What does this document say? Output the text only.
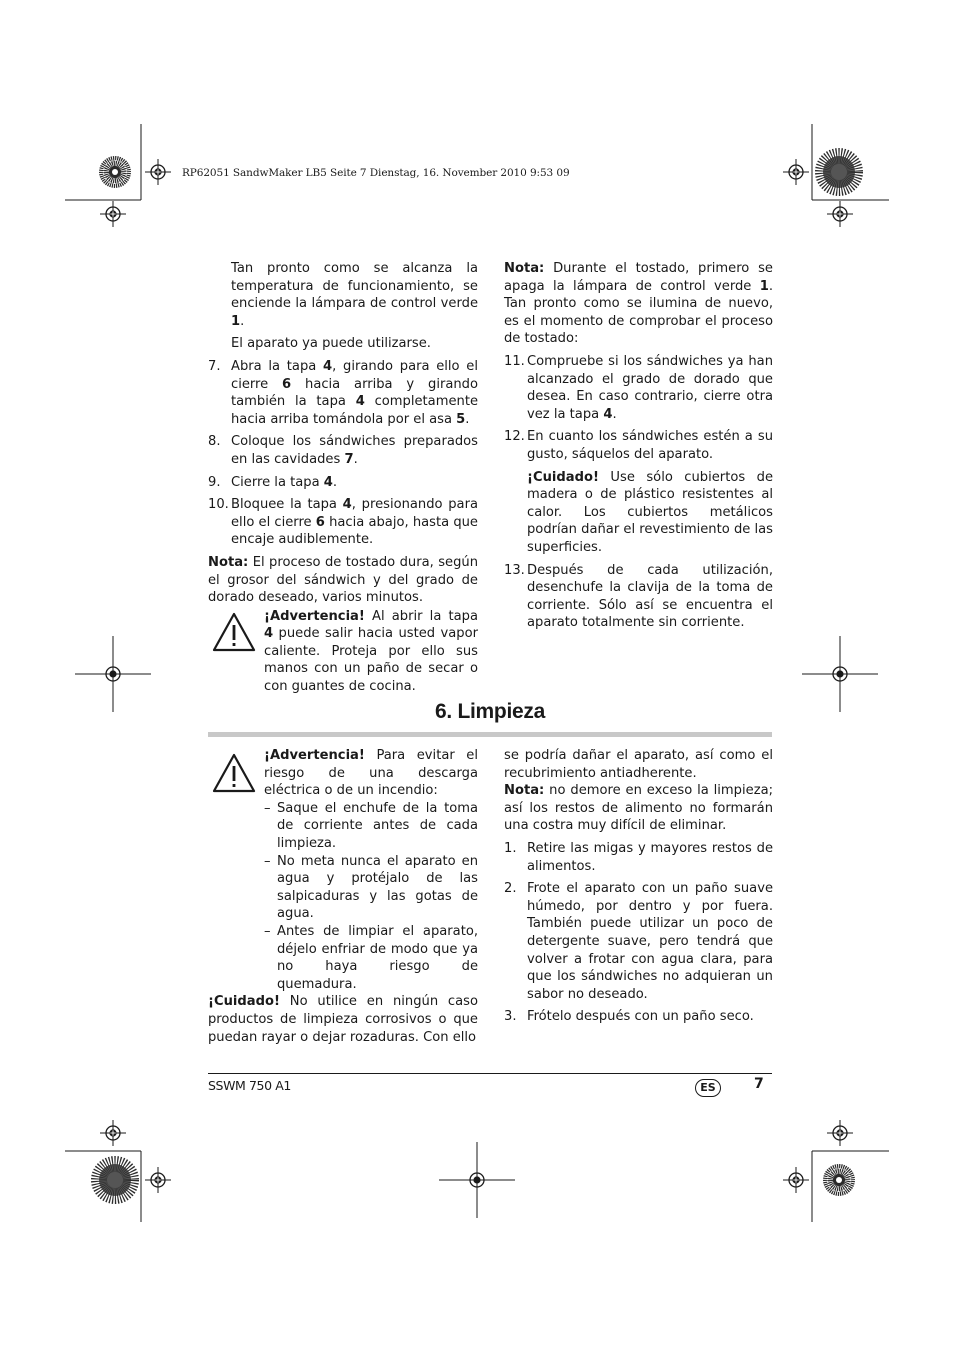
RP62051 SandwMaker LB5 Seite 7 Dienstag, 16. November 2010 9:53 09

Tan pronto como se alcanza la temperatura de funcionamiento, se enciende la lámpara de control verde 1.

El aparato ya puede utilizarse.

7. Abra la tapa 4, girando para ello el cierre 6 hacia arriba y girando también la tapa 4 completamente hacia arriba tomándola por el asa 5.
8. Coloque los sándwiches preparados en las cavidades 7.
9. Cierre la tapa 4.
10. Bloquee la tapa 4, presionando para ello el cierre 6 hacia abajo, hasta que encaje audiblemente.

Nota: El proceso de tostado dura, según el grosor del sándwich y del grado de dorado deseado, varios minutos.

¡Advertencia! Al abrir la tapa 4 puede salir hacia usted vapor caliente. Proteja por ello sus manos con un paño de secar o con guantes de cocina.

Nota: Durante el tostado, primero se apaga la lámpara de control verde 1. Tan pronto como se ilumina de nuevo, es el momento de comprobar el proceso de tostado:

11. Compruebe si los sándwiches ya han alcanzado el grado de dorado que desea. En caso contrario, cierre otra vez la tapa 4.
12. En cuanto los sándwiches estén a su gusto, sáquelos del aparato.

¡Cuidado! Use sólo cubiertos de madera o de plástico resistentes al calor. Los cubiertos metálicos podrían dañar el revestimiento de las superficies.

13. Después de cada utilización, desenchufe la clavija de la toma de corriente. Sólo así se encuentra el aparato totalmente sin corriente.
6. Limpieza

¡Advertencia! Para evitar el riesgo de una descarga eléctrica o de un incendio:

– Saque el enchufe de la toma de corriente antes de cada limpieza.
– No meta nunca el aparato en agua y protéjalo de las salpicaduras y las gotas de agua.
– Antes de limpiar el aparato, déjelo enfriar de modo que ya no haya riesgo de quemadura.

¡Cuidado! No utilice en ningún caso productos de limpieza corrosivos o que puedan rayar o dejar rozaduras. Con ello

se podría dañar el aparato, así como el recubrimiento antiadherente.

Nota: no demore en exceso la limpieza; así los restos de alimento no formarán una costra muy difícil de eliminar.

1. Retire las migas y mayores restos de alimentos.
2. Frote el aparato con un paño suave húmedo, por dentro y por fuera. También puede utilizar un poco de detergente suave, pero tendrá que volver a frotar con agua clara, para que los sándwiches no adquieran un sabor no deseado.
3. Frótelo después con un paño seco.
SSWM 750 A1	ES	7
